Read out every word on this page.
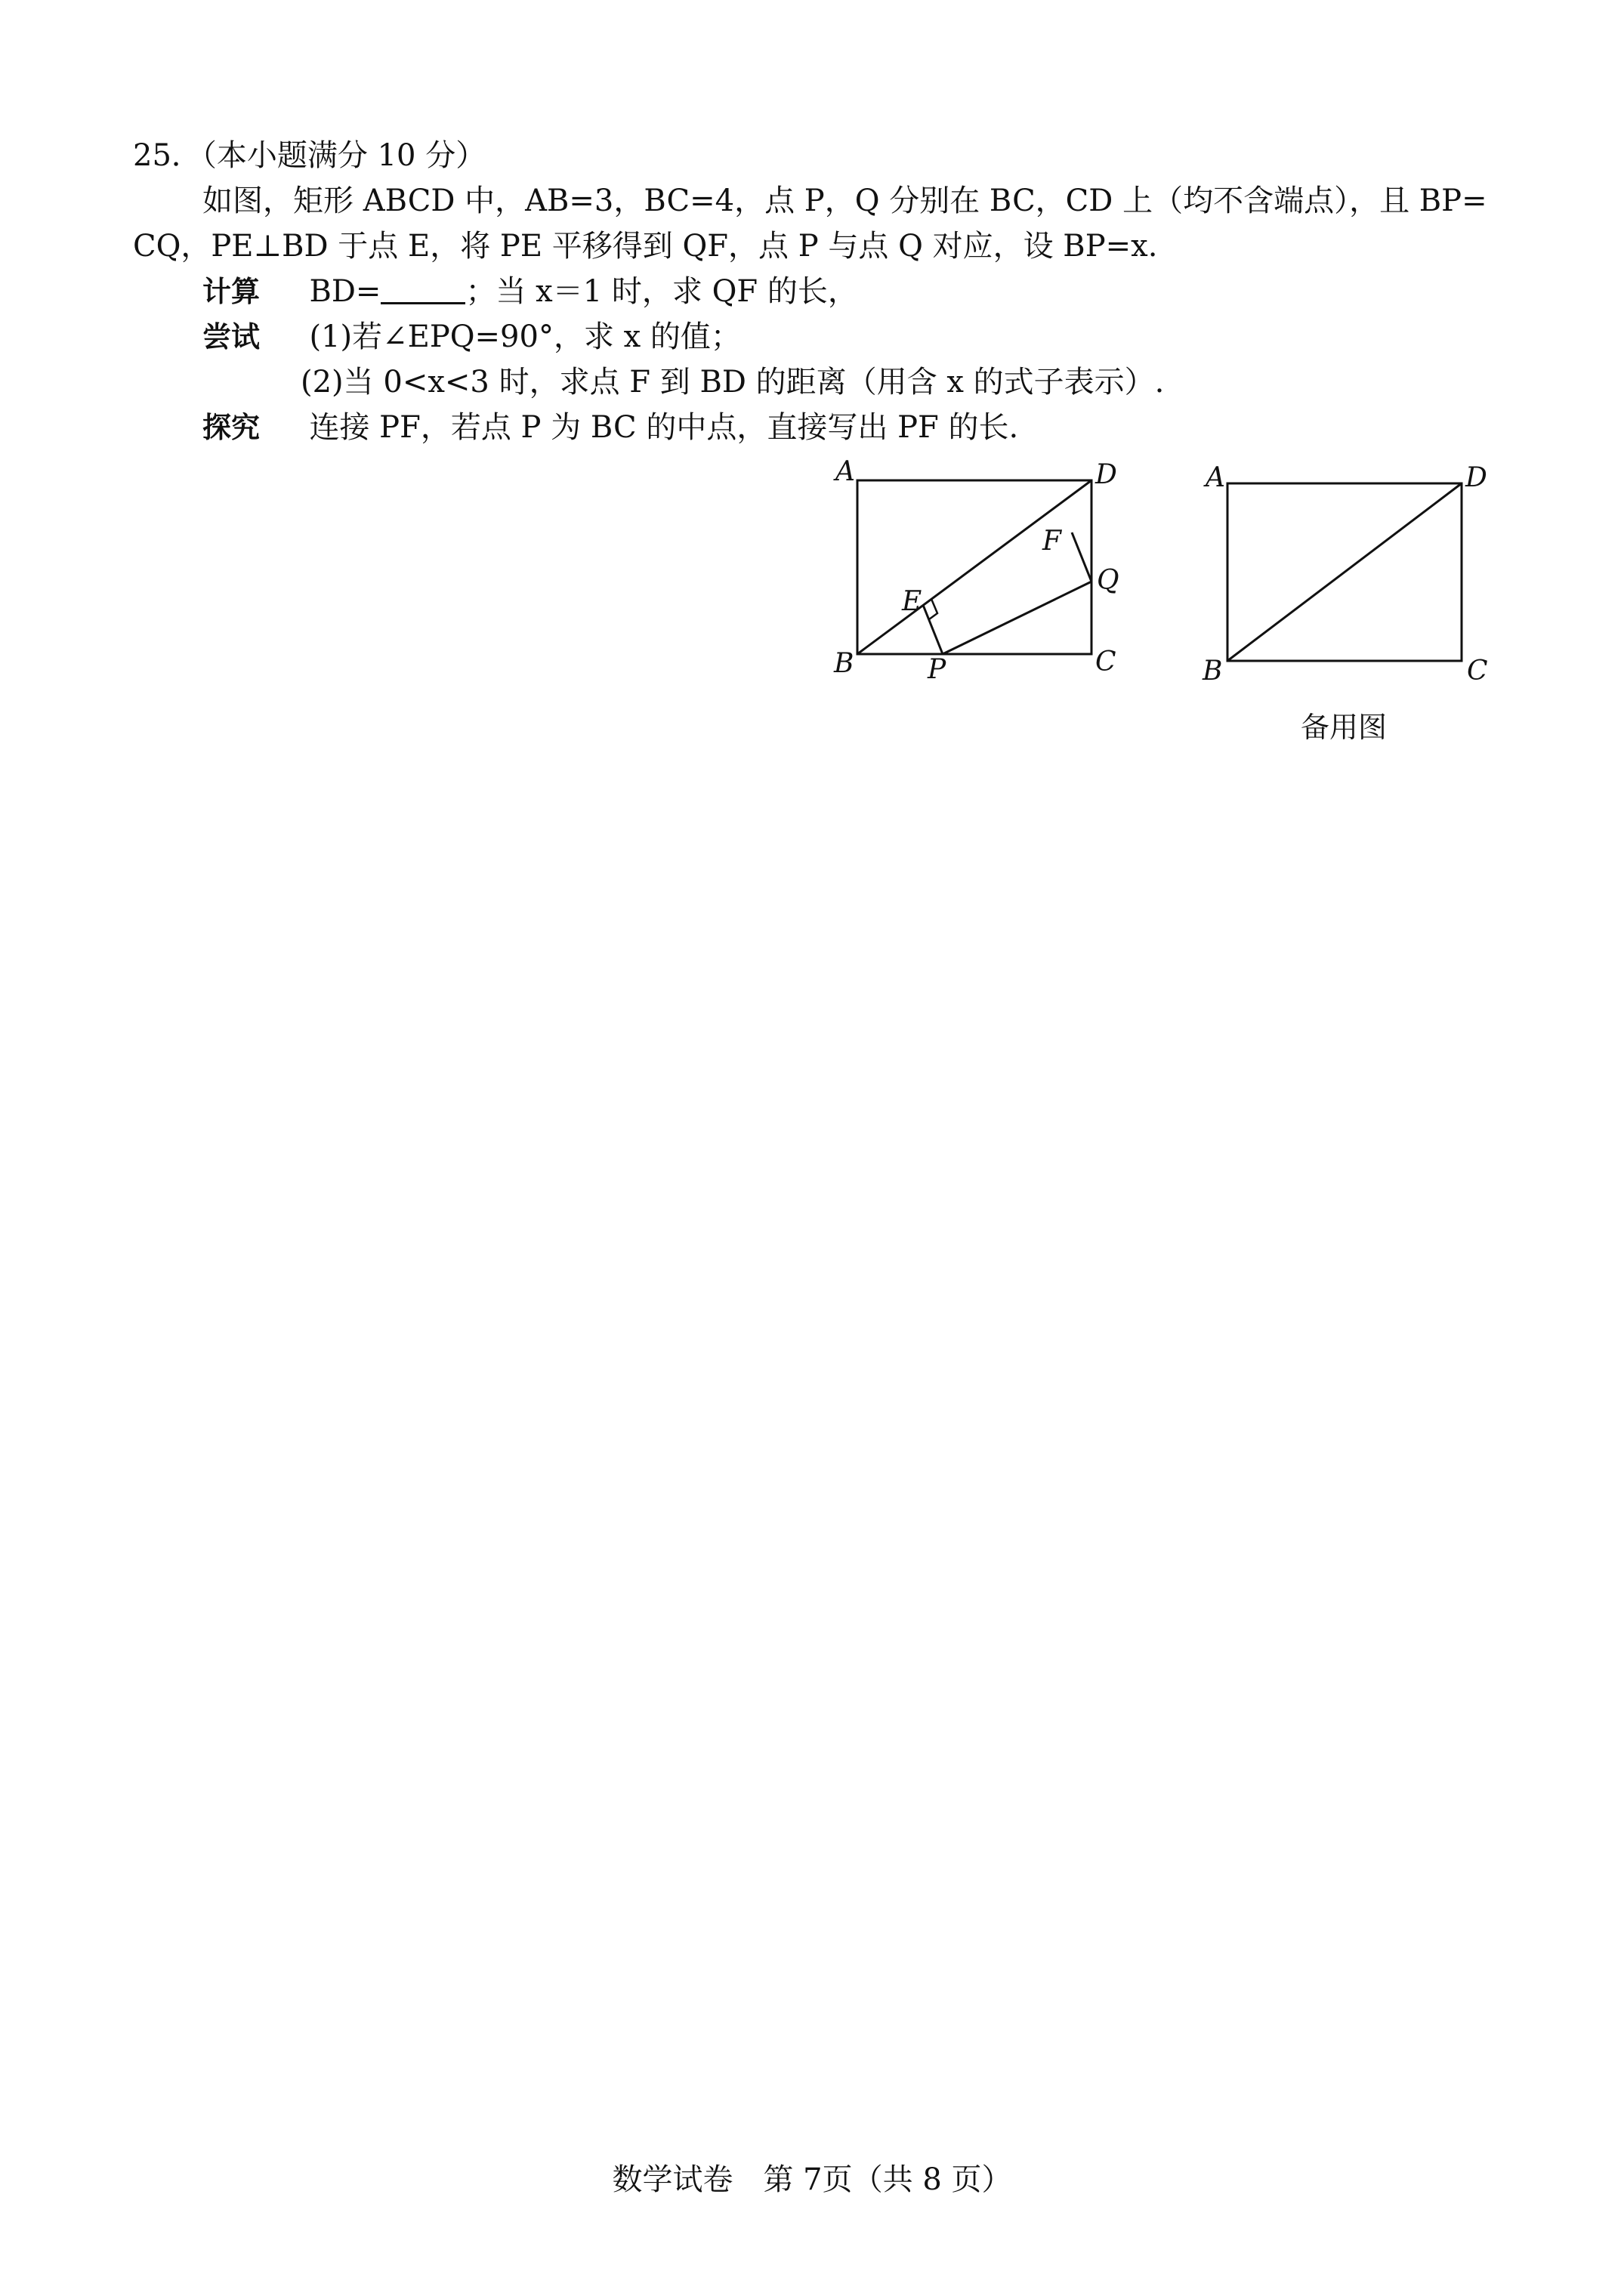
25．（本小题满分 10 分）
如图，矩形 ABCD 中，AB=3，BC=4，点 P，Q 分别在 BC，CD 上（均不含端点），且 BP=
CQ，PE⊥BD 于点 E，将 PE 平移得到 QF，点 P 与点 Q 对应，设 BP=x.
计算 BD=	；当 x＝1 时，求 QF 的长，
尝试 (1)若∠EPQ=90°，求 x 的值；
(2)当 0<x<3 时，求点 F 到 BD 的距离（用含 x 的式子表示）.
探究 连接 PF，若点 P 为 BC 的中点，直接写出 PF 的长.
A	D
F
Q
E
B	P	C
A	D
B	C
备用图
数学试卷　第 7页（共 8 页）
